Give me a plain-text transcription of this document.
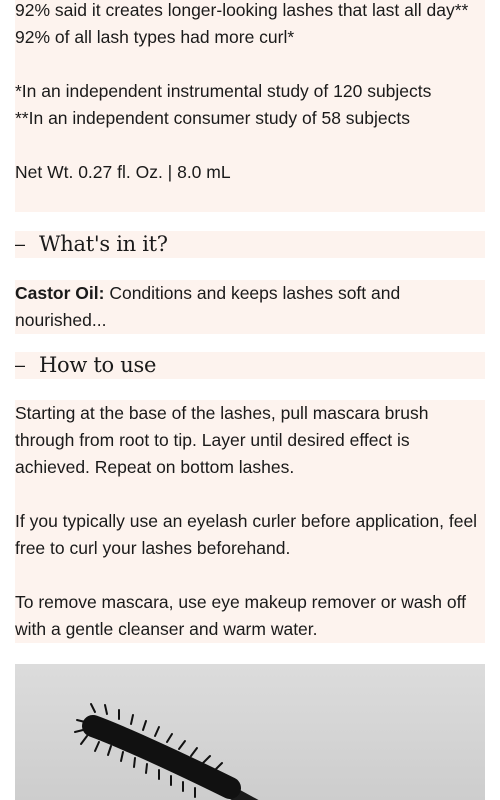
92% said it creates longer-looking lashes that last all day**

92% of all lash types had more curl*

*In an independent instrumental study of 120 subjects

**In an independent consumer study of 58 subjects

Net Wt. 0.27 fl. Oz. | 8.0 mL

– What's in it?

Castor Oil: Conditions and keeps lashes soft and nourished...

– How to use

Starting at the base of the lashes, pull mascara brush through from root to tip. Layer until desired effect is achieved. Repeat on bottom lashes.

If you typically use an eyelash curler before application, feel free to curl your lashes beforehand.

To remove mascara, use eye makeup remover or wash off with a gentle cleanser and warm water.
